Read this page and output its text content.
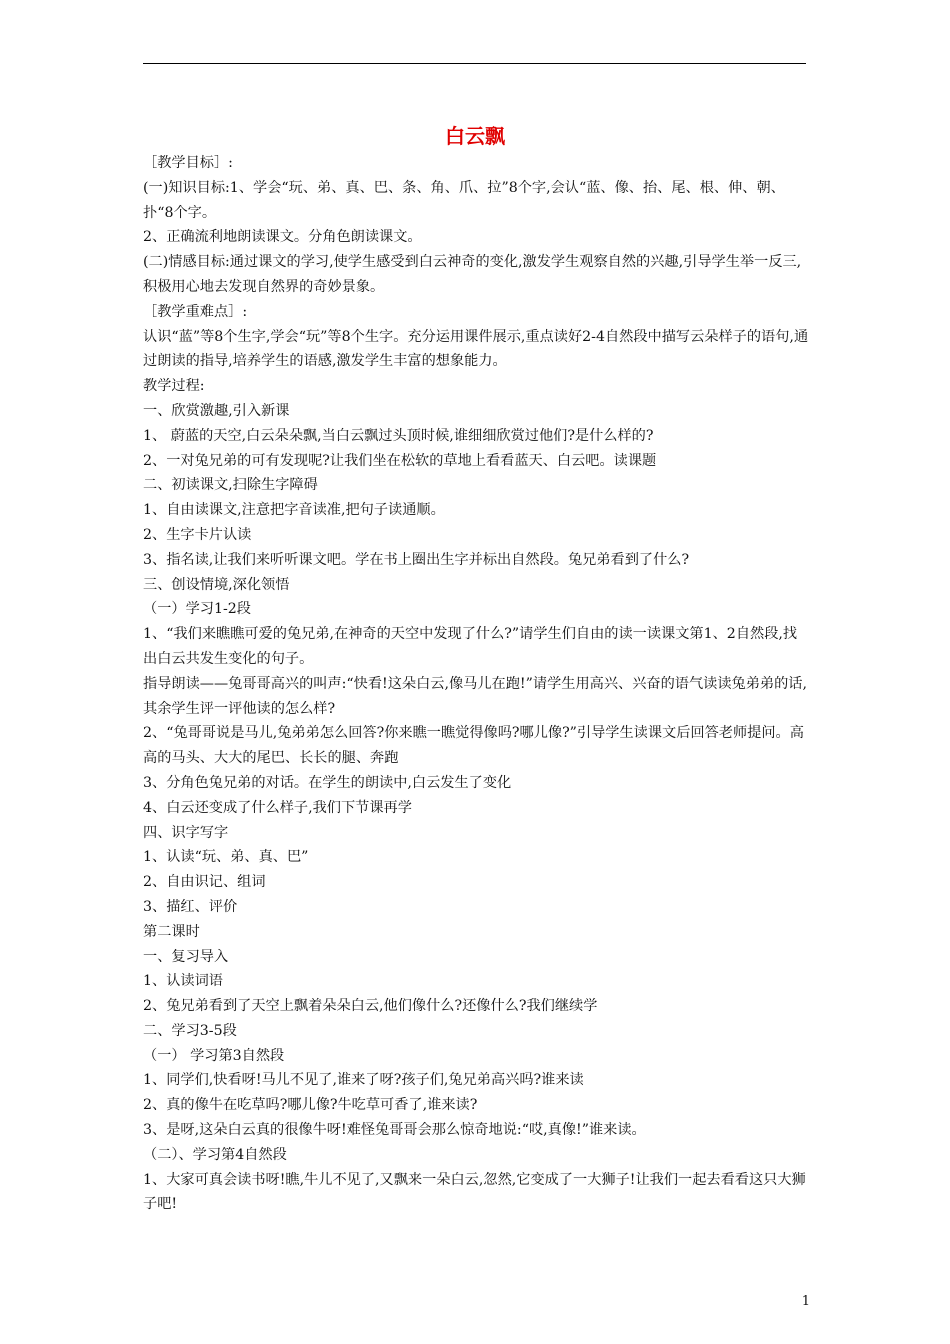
白云飘

［教学目标］:

(一)知识目标:1、学会“玩、弟、真、巴、条、角、爪、拉”8个字,会认“蓝、像、抬、尾、根、伸、朝、扑“8个字。

2、正确流利地朗读课文。分角色朗读课文。

(二)情感目标:通过课文的学习,使学生感受到白云神奇的变化,激发学生观察自然的兴趣,引导学生举一反三,积极用心地去发现自然界的奇妙景象。

［教学重难点］:

认识“蓝”等8个生字,学会“玩”等8个生字。充分运用课件展示,重点读好2-4自然段中描写云朵样子的语句,通过朗读的指导,培养学生的语感,激发学生丰富的想象能力。

教学过程:

一、欣赏激趣,引入新课

1、 蔚蓝的天空,白云朵朵飘,当白云飘过头顶时候,谁细细欣赏过他们?是什么样的?

2、一对兔兄弟的可有发现呢?让我们坐在松软的草地上看看蓝天、白云吧。读课题

二、初读课文,扫除生字障碍

1、自由读课文,注意把字音读准,把句子读通顺。

2、生字卡片认读

3、指名读,让我们来听听课文吧。学在书上圈出生字并标出自然段。兔兄弟看到了什么?

三、创设情境,深化领悟

（一）学习1-2段

1、“我们来瞧瞧可爱的兔兄弟,在神奇的天空中发现了什么?”请学生们自由的读一读课文第1、2自然段,找出白云共发生变化的句子。

指导朗读——兔哥哥高兴的叫声:“快看!这朵白云,像马儿在跑!”请学生用高兴、兴奋的语气读读兔弟弟的话,其余学生评一评他读的怎么样?

2、“兔哥哥说是马儿,兔弟弟怎么回答?你来瞧一瞧觉得像吗?哪儿像?”引导学生读课文后回答老师提问。高高的马头、大大的尾巴、长长的腿、奔跑

3、分角色兔兄弟的对话。在学生的朗读中,白云发生了变化

4、白云还变成了什么样子,我们下节课再学

四、识字写字

1、认读“玩、弟、真、巴”

2、自由识记、组词

3、描红、评价

第二课时

一、复习导入

1、认读词语

2、兔兄弟看到了天空上飘着朵朵白云,他们像什么?还像什么?我们继续学

二、学习3-5段

（一） 学习第3自然段

1、同学们,快看呀!马儿不见了,谁来了呀?孩子们,兔兄弟高兴吗?谁来读

2、真的像牛在吃草吗?哪儿像?牛吃草可香了,谁来读?

3、是呀,这朵白云真的很像牛呀!难怪兔哥哥会那么惊奇地说:“哎,真像!”谁来读。

（二）、学习第4自然段

1、大家可真会读书呀!瞧,牛儿不见了,又飘来一朵白云,忽然,它变成了一大狮子!让我们一起去看看这只大狮子吧!

1
